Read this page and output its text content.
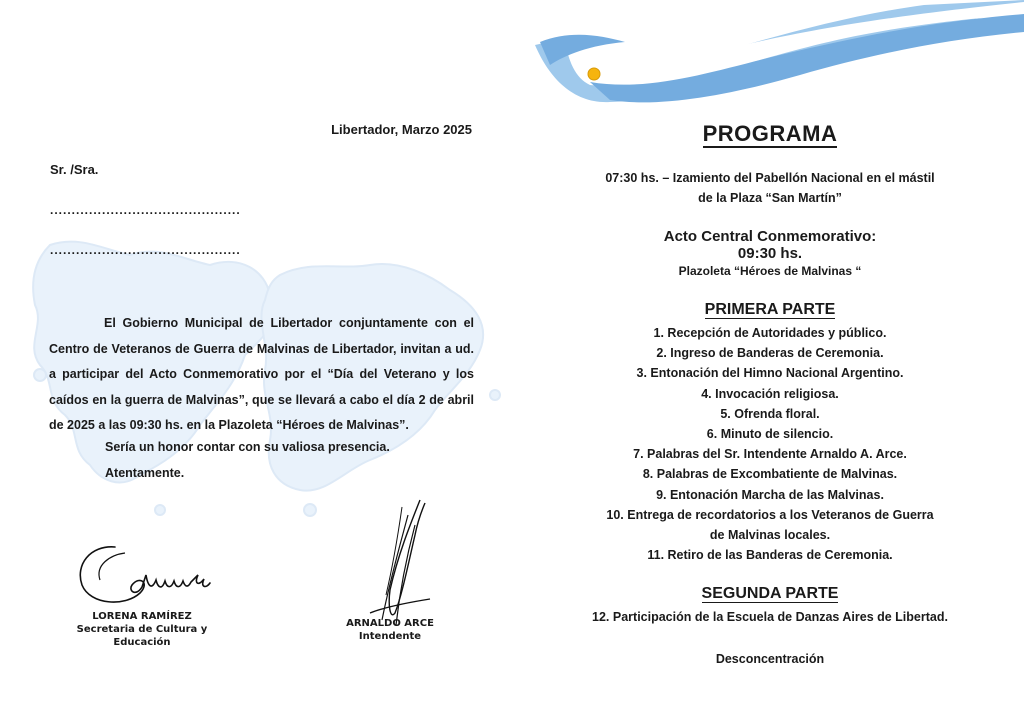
Libertador, Marzo 2025
Sr. /Sra.
............................................
............................................

El Gobierno Municipal de Libertador conjuntamente con el Centro de Veteranos de Guerra de Malvinas de Libertador, invitan a ud. a participar del Acto Conmemorativo por el “Día del Veterano y los caídos en la guerra de Malvinas”, que se llevará a cabo el día 2 de abril de 2025 a las 09:30 hs. en la Plazoleta “Héroes de Malvinas”.

Sería un honor contar con su valiosa presencia.
Atentamente.
LORENA RAMÍREZ
Secretaria de Cultura y
Educación
ARNALDO ARCE
Intendente
PROGRAMA
07:30 hs. – Izamiento del Pabellón Nacional en el mástil
de la Plaza “San Martín”
Acto Central Conmemorativo:
09:30 hs.
Plazoleta “Héroes de Malvinas “
PRIMERA PARTE
1. Recepción de Autoridades y público.
2. Ingreso de Banderas de Ceremonia.
3. Entonación del Himno Nacional Argentino.
4. Invocación religiosa.
5. Ofrenda floral.
6. Minuto de silencio.
7. Palabras del Sr. Intendente Arnaldo A. Arce.
8. Palabras de Excombatiente de Malvinas.
9. Entonación Marcha de las Malvinas.
10. Entrega de recordatorios a los Veteranos de Guerra
de Malvinas locales.
11. Retiro de las Banderas de Ceremonia.
SEGUNDA PARTE
12. Participación de la Escuela de Danzas Aires de Libertad.
Desconcentración
